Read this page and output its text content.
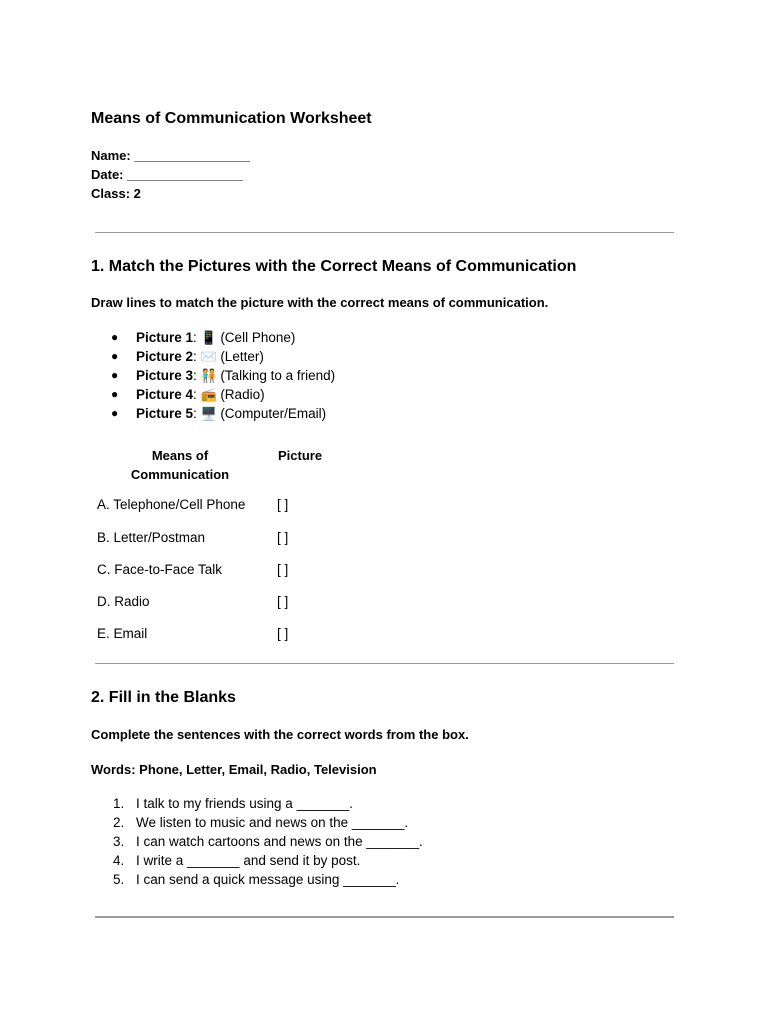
Means of Communication Worksheet
Name: ________________
Date: ________________
Class: 2
1. Match the Pictures with the Correct Means of Communication
Draw lines to match the picture with the correct means of communication.
● Picture 1: 📱 (Cell Phone)
● Picture 2: ✉️ (Letter)
● Picture 3: 🧑‍🤝‍🧑 (Talking to a friend)
● Picture 4: 📻 (Radio)
● Picture 5: 🖥️ (Computer/Email)
Means of
Communication
Picture
A. Telephone/Cell Phone [ ]
B. Letter/Postman	[ ]
C. Face-to-Face Talk	[ ]
D. Radio	[ ]
E. Email	[ ]
2. Fill in the Blanks
Complete the sentences with the correct words from the box.
Words: Phone, Letter, Email, Radio, Television
1. I talk to my friends using a _______.
2. We listen to music and news on the _______.
3. I can watch cartoons and news on the _______.
4. I write a _______ and send it by post.
5. I can send a quick message using _______.
